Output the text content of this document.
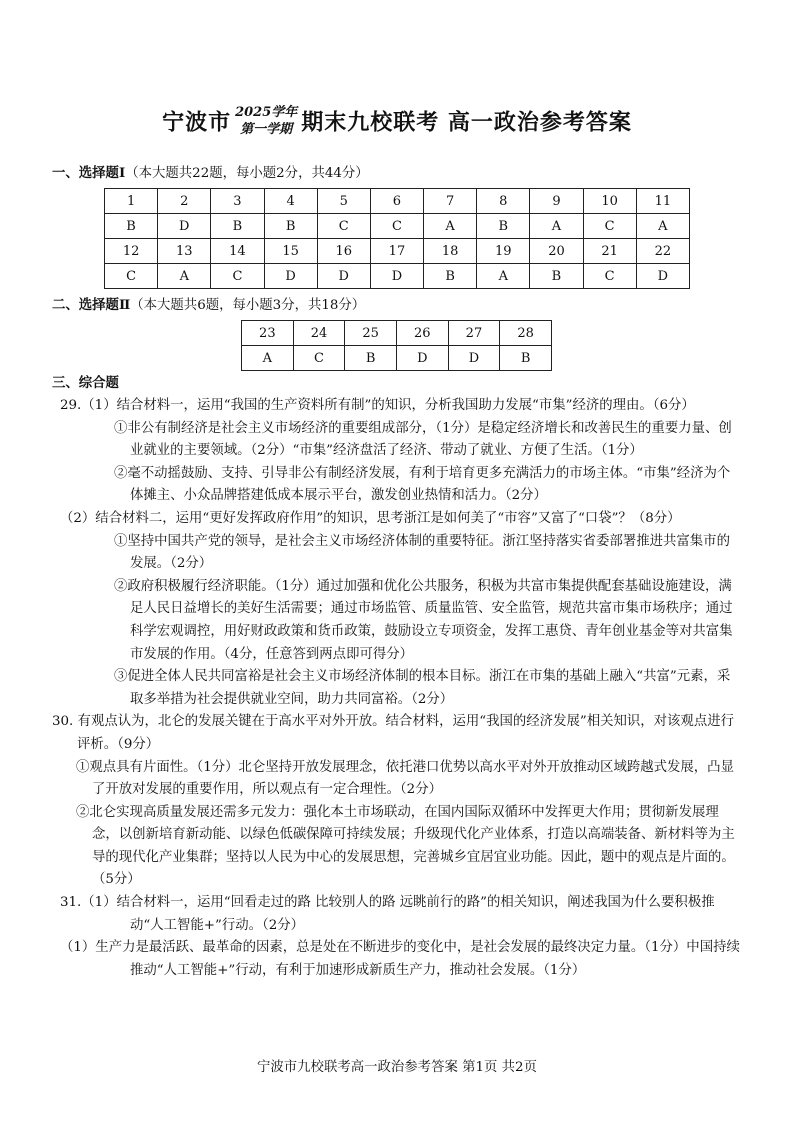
宁波市 2025学年
第一学期 期末九校联考 高一政治参考答案
一、选择题Ⅰ（本大题共22题，每小题2分，共44分）
1	2	3	4	5	6	7	8	9	10	11
B	D	B	B	C	C	A	B	A	C	A
12	13	14	15	16	17	18	19	20	21	22
C	A	C	D	D	D	B	A	B	C	D
二、选择题Ⅱ（本大题共6题，每小题3分，共18分）
23	24	25	26	27	28
A	C	B	D	D	B
三、综合题

29.（1）结合材料一，运用“我国的生产资料所有制”的知识，分析我国助力发展“市集”经济的理由。（6分）

①非公有制经济是社会主义市场经济的重要组成部分，（1分）是稳定经济增长和改善民生的重要力量、创业就业的主要领域。（2分）“市集”经济盘活了经济、带动了就业、方便了生活。（1分）

②毫不动摇鼓励、支持、引导非公有制经济发展，有利于培育更多充满活力的市场主体。“市集”经济为个体摊主、小众品牌搭建低成本展示平台，激发创业热情和活力。（2分）

（2）结合材料二，运用“更好发挥政府作用”的知识，思考浙江是如何美了“市容”又富了“口袋”？（8分）

①坚持中国共产党的领导，是社会主义市场经济体制的重要特征。浙江坚持落实省委部署推进共富集市的发展。（2分）

②政府积极履行经济职能。（1分）通过加强和优化公共服务，积极为共富市集提供配套基础设施建设，满足人民日益增长的美好生活需要；通过市场监管、质量监管、安全监管，规范共富市集市场秩序；通过科学宏观调控，用好财政政策和货币政策，鼓励设立专项资金，发挥工惠贷、青年创业基金等对共富集市发展的作用。（4分，任意答到两点即可得分）

③促进全体人民共同富裕是社会主义市场经济体制的根本目标。浙江在市集的基础上融入“共富”元素，采取多举措为社会提供就业空间，助力共同富裕。（2分）

30. 有观点认为，北仑的发展关键在于高水平对外开放。结合材料，运用“我国的经济发展”相关知识，对该观点进行评析。（9分）

①观点具有片面性。（1分）北仑坚持开放发展理念，依托港口优势以高水平对外开放推动区域跨越式发展，凸显了开放对发展的重要作用，所以观点有一定合理性。（2分）

②北仑实现高质量发展还需多元发力：强化本土市场联动，在国内国际双循环中发挥更大作用；贯彻新发展理念，以创新培育新动能、以绿色低碳保障可持续发展；升级现代化产业体系，打造以高端装备、新材料等为主导的现代化产业集群；坚持以人民为中心的发展思想，完善城乡宜居宜业功能。因此，题中的观点是片面的。（5分）

31.（1）结合材料一，运用“回看走过的路 比较别人的路 远眺前行的路”的相关知识，阐述我国为什么要积极推动“人工智能+”行动。（2分）

（1）生产力是最活跃、最革命的因素，总是处在不断进步的变化中，是社会发展的最终决定力量。（1分）中国持续推动“人工智能+”行动，有利于加速形成新质生产力，推动社会发展。（1分）

宁波市九校联考高一政治参考答案 第1页 共2页
